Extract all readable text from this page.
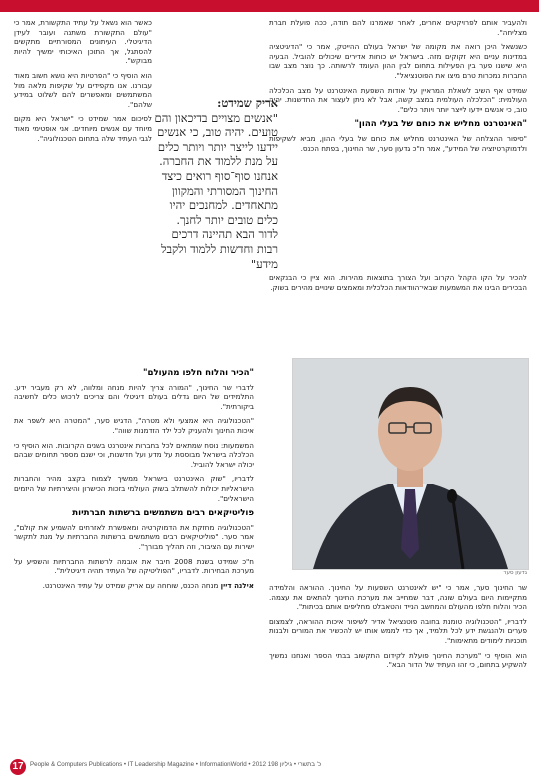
ולהעביר אותם לפרויקטים אחרים, לאחר שאמרנו להם תודה, ככה פועלת חברת מצליחה".

כשנשאל היכן רואה את מקומה של ישראל בעולם ההייטק, אמר כי "הדיגיטציה במדינות עניים היא זקוקים מזה. בישראל יש כוחות אדירים שיכולים להוביל. הבעיה היא שישנו פער בין הפעילות בתחום לבין ההון העומד לרשותה. כך נוצר מצב שבו החברות נמכרות טרם מיצו את הפוטנציאל".

שמידט אף השיב לשאלת המראיין על אודות השפעת האינטרנט על מצב הכלכלה העולמית: "הכלכלה העולמית במצב קשה, אבל לא ניתן לעצור את החדשנות. יהיה טוב, כי אנשים יידעו לייצר יותר ויותר כלים".

"האינטרנט מחליש את כוחם של בעלי ההון"

"סיפור ההצלחה של האינטרנט מחליש את כוחם של בעלי ההון, מביא לשקיפות ולדמוקרטיזציה של המידע", אמר ח"כ גדעון סער, שר החינוך, בפתח הכנס.

אריק שמידט:
"אנשים מצויים בדיכאון והם טועים. יהיה טוב, כי אנשים יידעו לייצר יותר ויותר כלים על מנת ללמוד את החברה. אנחנו סוף־סוף רואים כיצד החינוך המסורתי והמקוון מתאחדים. למחנכים יהיו כלים טובים יותר לחנך. לדור הבא תהיינה דרכים רבות וחדשות ללמוד ולקבל מידע"

כאשר הוא נשאל על עתיד התקשורת, אמר כי "עולם התקשורת משתנה ועובר לעידן הדיגיטלי. העיתונים המסורתיים מתקשים להסתגל, אך התוכן האיכותי ימשיך להיות מבוקש".

הוא הוסיף כי "הפרטיות היא נושא חשוב מאוד עבורנו. אנו מקפידים על שקיפות מלאה מול המשתמשים ומאפשרים להם לשלוט במידע שלהם".

לסיכום אמר שמידט כי "ישראל היא מקום מיוחד עם אנשים מיוחדים. אני אופטימי מאוד לגבי העתיד שלה בתחום הטכנולוגיה".

להכיר על הקו הקהל הקרוב ועל הצורך בתוצאות מהירות. הוא ציין כי הבנקאים הבכירים הבינו את המשמעות שבאי־הוודאות הכלכלית ומאמצים שינויים מהירים בשוק.

גדעון סער

שר החינוך סער, אמר כי "יש לאינטרנט השפעות על החינוך. ההוראה והלמידה מתקיימות היום בעולם שונה, דבר שמחייב את מערכת החינוך להתאים את עצמה. הכיר והלוח חלפו מהעולם והמחשב הנייד והטאבלט מחליפים אותם בכיתות".

לדבריו, "הטכנולוגיה טומנת בחובה פוטנציאל אדיר לשיפור איכות ההוראה, לצמצום פערים ולהנגשת ידע לכל תלמיד, אך כדי לממש אותו יש להכשיר את המורים ולבנות תוכניות לימודים מתאימות".

הוא הוסיף כי "מערכת החינוך פועלת לקידום התקשוב בבתי הספר ואנחנו נמשיך להשקיע בתחום, כי זהו העתיד של הדור הבא".

"הכיר והלוח חלפו מהעולם"

לדברי שר החינוך, "המורה צריך להיות מנחה ומלווה, לא רק מעביר ידע. התלמידים של היום גדלים בעולם דיגיטלי והם צריכים לרכוש כלים לחשיבה ביקורתית".

"הטכנולוגיה היא אמצעי ולא מטרה", הדגיש סער, "המטרה היא לשפר את איכות החינוך ולהעניק לכל ילד הזדמנות שווה".

המשמעות: נוסח שמתאים לכל בחברות אינטרנט בשנים הקרובות. הוא הוסיף כי הכלכלה בישראל מבוססת על מדע ועל חדשנות, וכי ישנם מספר תחומים שבהם יכולה ישראל להוביל.

לדבריו, "שוק האינטרנט בישראל ממשיך לצמוח בקצב מהיר והחברות הישראליות יכולות להשתלב בשוק העולמי בזכות הכישרון והיצירתיות של היזמים הישראלים".

פוליטיקאים רבים משתמשים ברשתות חברתיות

"הטכנולוגיה מחזקת את הדמוקרטיה ומאפשרת לאזרחים להשמיע את קולם", אמר סער. "פוליטיקאים רבים משתמשים ברשתות החברתיות על מנת לתקשר ישירות עם הציבור, וזה תהליך מבורך".

ח"כ שמידט בשנת 2008 חיבר את אובמה לרשתות החברתיות והשפיע על מערכת הבחירות. לדבריו, "הפוליטיקה של העתיד תהיה דיגיטלית".

אילנה דיין מנחה הכנס, שוחחה עם אריק שמידט על עתיד האינטרנט.

17	People & Computers Publications • IT Leadership Magazine • InformationWorld • 2012 כ' בתשרי • גיליון 198
